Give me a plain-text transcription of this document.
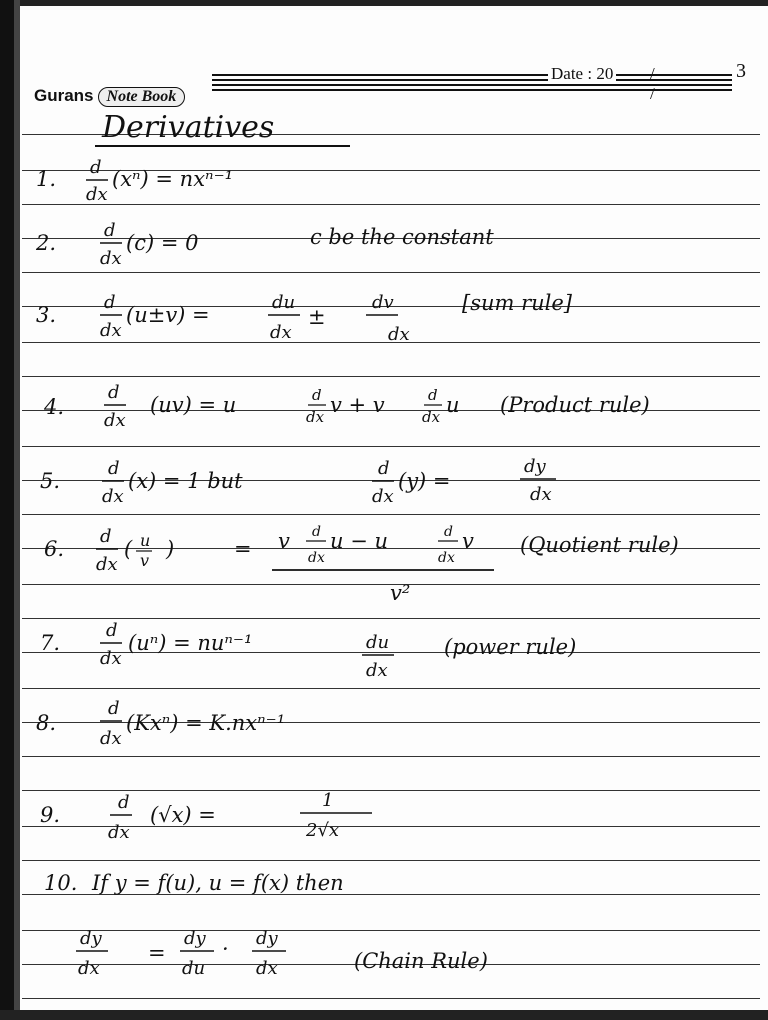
Gurans Note Book
Date : 20 / /
3
Derivatives
1. d
dx
(xⁿ) = nxⁿ⁻¹
2.
d
dx
(c) = 0	c be the constant
3.
d
dx
(u±v) =
du
dx
±
dv
dx
[sum rule]
4.
d
dx
(uv) = u	d
dx v + v	d
dx u (Product rule)
5.
d
dx
(x) = 1 but
d
dx
(y) =
dy
dx
6.
d
dx
( u
v )	= v d
dx
u − u	d
dx
v
v²
(Quotient rule)
7.
d
dx
(uⁿ) = nuⁿ⁻¹	du
dx
(power rule)
8.
d
dx
(Kxⁿ) = K.nxⁿ⁻¹
9.
d
dx
(√x) =
1
2√x
10. If y = f(u), u = f(x) then
dy
dx
=
dy
du
· dy
dx	(Chain Rule)
